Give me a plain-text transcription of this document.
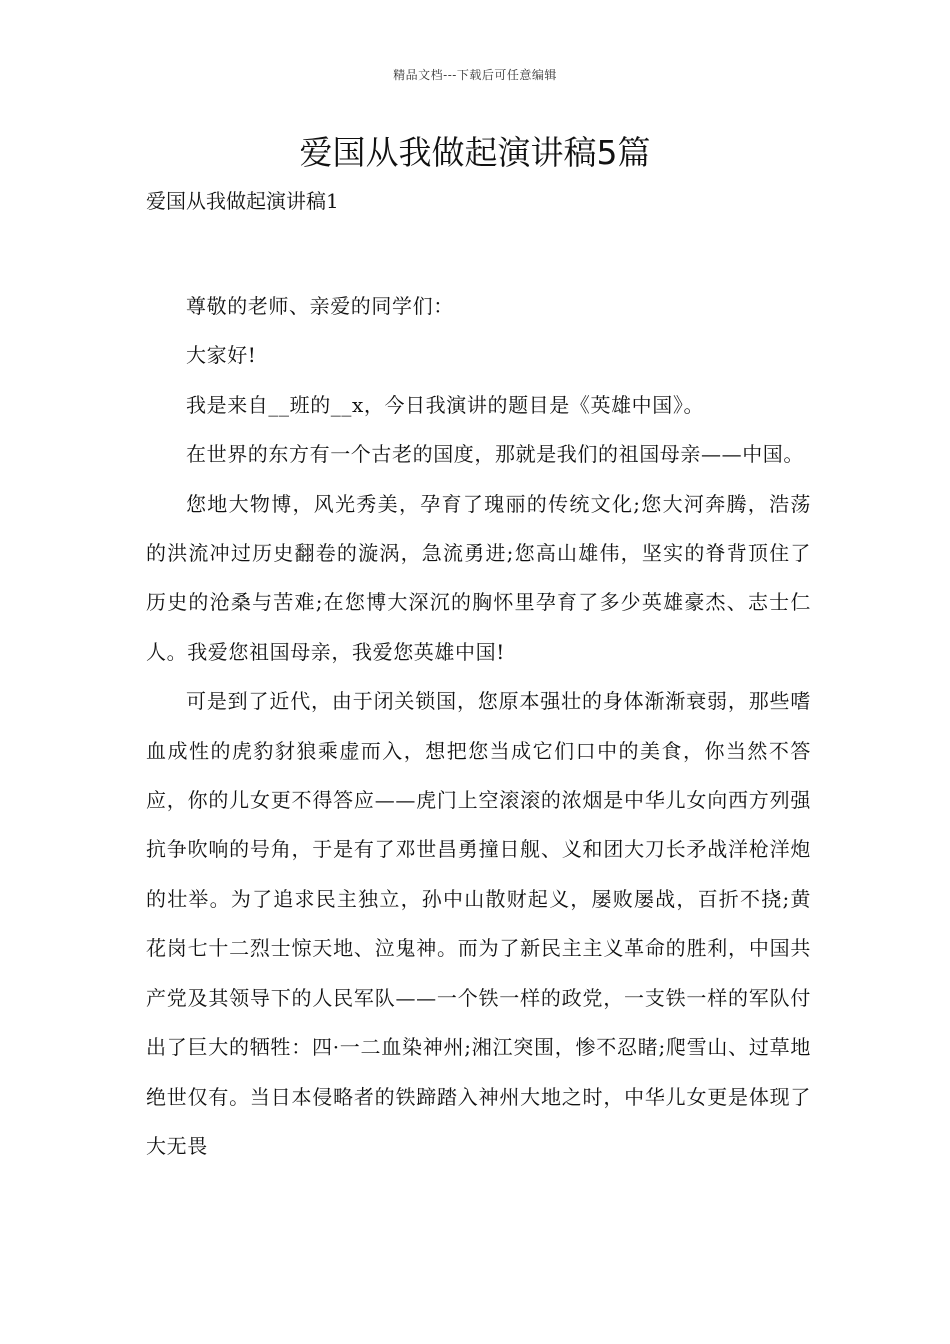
精品文档---下载后可任意编辑
爱国从我做起演讲稿5篇
爱国从我做起演讲稿1

尊敬的老师、亲爱的同学们：

大家好!

我是来自__班的__x，今日我演讲的题目是《英雄中国》。

在世界的东方有一个古老的国度，那就是我们的祖国母亲——中国。

您地大物博，风光秀美，孕育了瑰丽的传统文化;您大河奔腾，浩荡的洪流冲过历史翻卷的漩涡，急流勇进;您高山雄伟，坚实的脊背顶住了历史的沧桑与苦难;在您博大深沉的胸怀里孕育了多少英雄豪杰、志士仁人。我爱您祖国母亲，我爱您英雄中国!

可是到了近代，由于闭关锁国，您原本强壮的身体渐渐衰弱，那些嗜血成性的虎豹豺狼乘虚而入，想把您当成它们口中的美食，你当然不答应，你的儿女更不得答应——虎门上空滚滚的浓烟是中华儿女向西方列强抗争吹响的号角，于是有了邓世昌勇撞日舰、义和团大刀长矛战洋枪洋炮的壮举。为了追求民主独立，孙中山散财起义，屡败屡战，百折不挠;黄花岗七十二烈士惊天地、泣鬼神。而为了新民主主义革命的胜利，中国共产党及其领导下的人民军队——一个铁一样的政党，一支铁一样的军队付出了巨大的牺牲：四·一二血染神州;湘江突围，惨不忍睹;爬雪山、过草地绝世仅有。当日本侵略者的铁蹄踏入神州大地之时，中华儿女更是体现了大无畏
